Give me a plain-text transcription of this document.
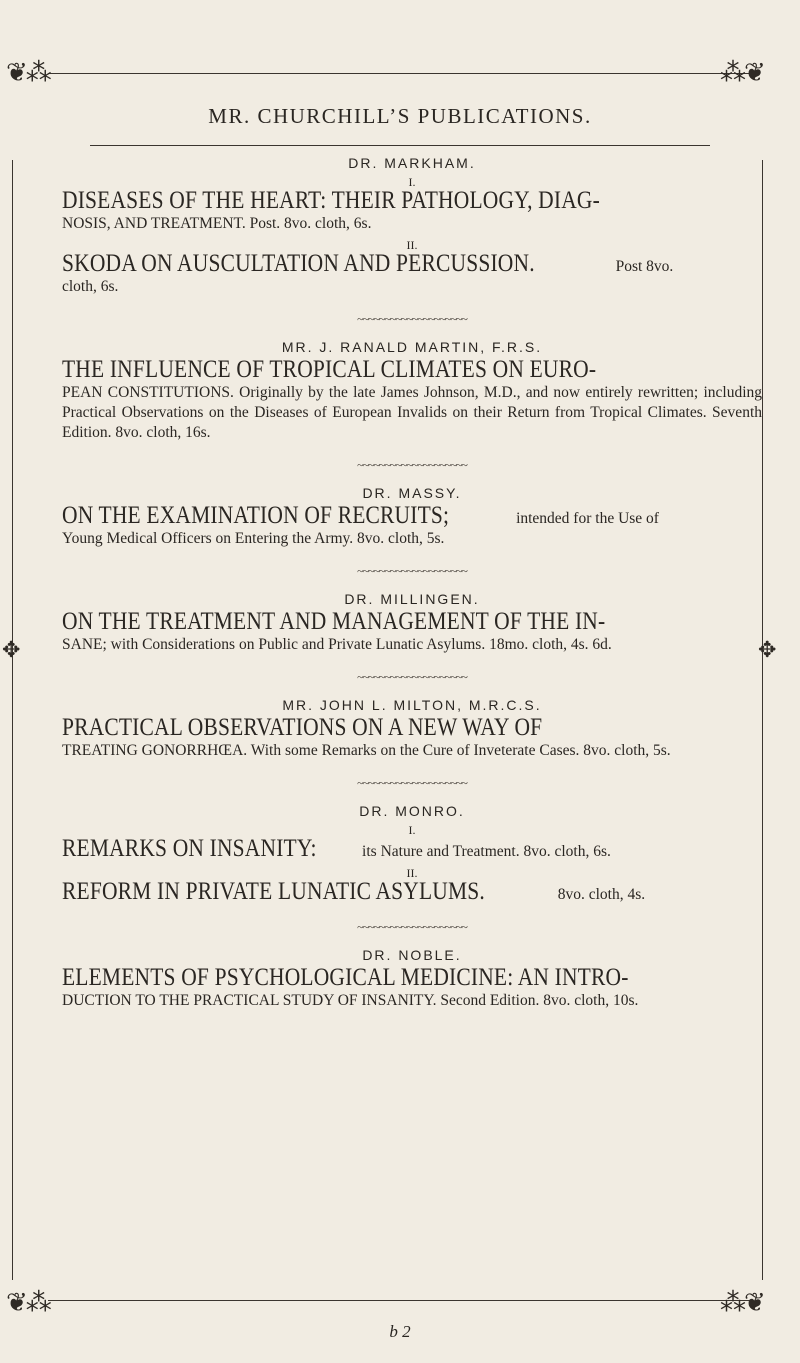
❦⁂	⁂❦
✥	✥
❦⁂	⁂❦
MR. CHURCHILL’S PUBLICATIONS.
DR. MARKHAM.
I.
DISEASES OF THE HEART: THEIR PATHOLOGY, DIAG-
NOSIS, AND TREATMENT. Post. 8vo. cloth, 6s.
II.
SKODA ON AUSCULTATION AND PERCUSSION.	Post 8vo.
cloth, 6s.
~~~~~~~~~~~~~~~~~~~~
MR. J. RANALD MARTIN, F.R.S.
THE INFLUENCE OF TROPICAL CLIMATES ON EURO-
PEAN CONSTITUTIONS. Originally by the late James Johnson, M.D., and now entirely rewritten; including Practical Observations on the Diseases of European Invalids on their Return from Tropical Climates. Seventh Edition. 8vo. cloth, 16s.
~~~~~~~~~~~~~~~~~~~~
DR. MASSY.
ON THE EXAMINATION OF RECRUITS;	intended for the Use of
Young Medical Officers on Entering the Army. 8vo. cloth, 5s.
~~~~~~~~~~~~~~~~~~~~
DR. MILLINGEN.
ON THE TREATMENT AND MANAGEMENT OF THE IN-
SANE; with Considerations on Public and Private Lunatic Asylums. 18mo. cloth, 4s. 6d.
~~~~~~~~~~~~~~~~~~~~
MR. JOHN L. MILTON, M.R.C.S.
PRACTICAL OBSERVATIONS ON A NEW WAY OF
TREATING GONORRHŒA. With some Remarks on the Cure of Inveterate Cases. 8vo. cloth, 5s.
~~~~~~~~~~~~~~~~~~~~
DR. MONRO.
I.
REMARKS ON INSANITY:	its Nature and Treatment. 8vo. cloth, 6s.
II.
REFORM IN PRIVATE LUNATIC ASYLUMS.	8vo. cloth, 4s.
~~~~~~~~~~~~~~~~~~~~
DR. NOBLE.
ELEMENTS OF PSYCHOLOGICAL MEDICINE: AN INTRO-
DUCTION TO THE PRACTICAL STUDY OF INSANITY. Second Edition. 8vo. cloth, 10s.
b 2
